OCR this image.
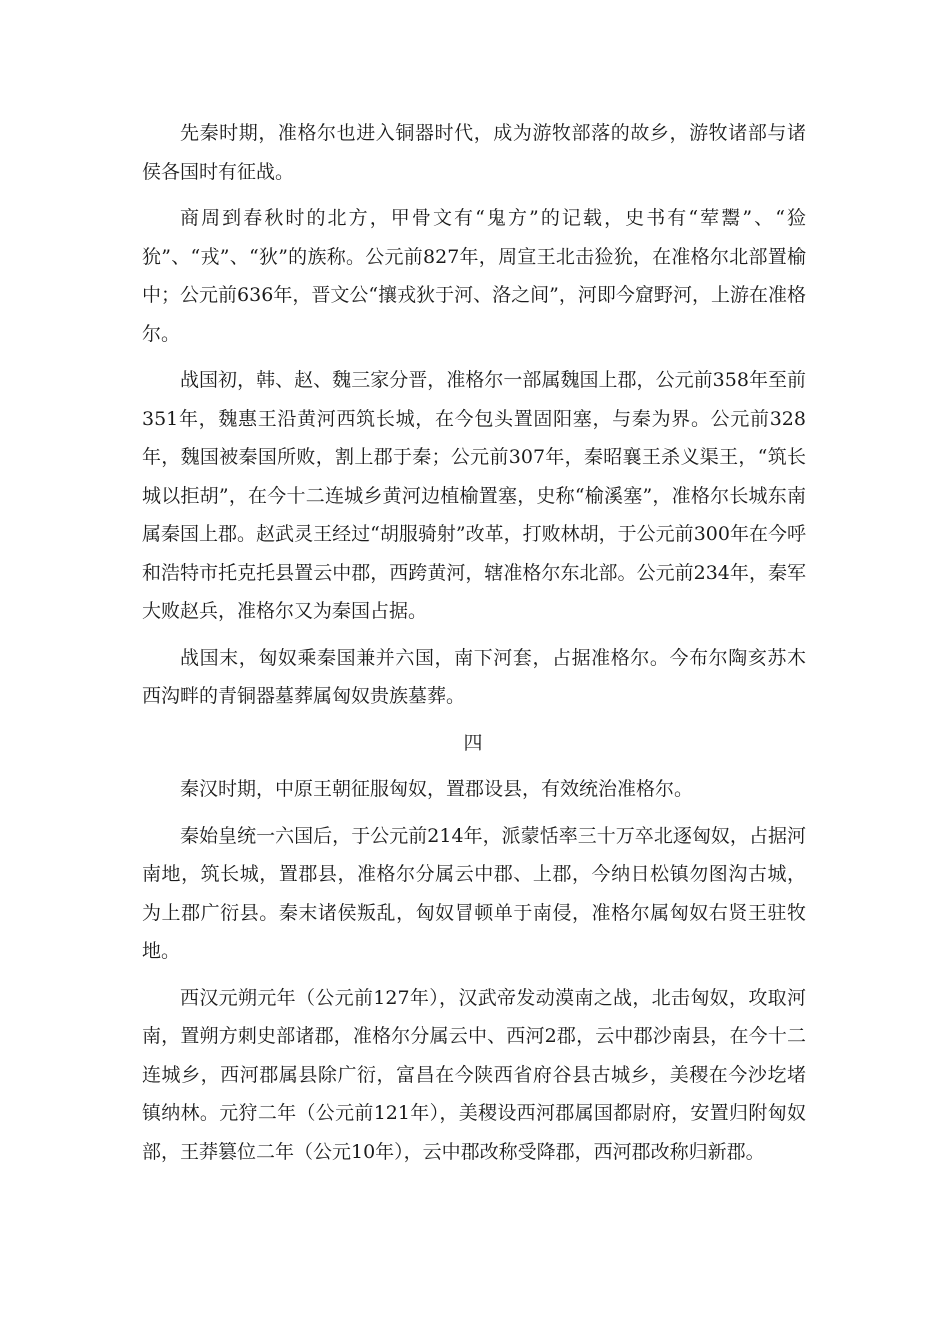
先秦时期，准格尔也进入铜器时代，成为游牧部落的故乡，游牧诸部与诸侯各国时有征战。

商周到春秋时的北方，甲骨文有“鬼方”的记载，史书有“荤鬻”、“猃狁”、“戎”、“狄”的族称。公元前827年，周宣王北击猃狁，在准格尔北部置榆中；公元前636年，晋文公“攘戎狄于河、洛之间”，河即今窟野河，上游在准格尔。

战国初，韩、赵、魏三家分晋，准格尔一部属魏国上郡，公元前358年至前351年，魏惠王沿黄河西筑长城，在今包头置固阳塞，与秦为界。公元前328年，魏国被秦国所败，割上郡于秦；公元前307年，秦昭襄王杀义渠王，“筑长城以拒胡”，在今十二连城乡黄河边植榆置塞，史称“榆溪塞”，准格尔长城东南属秦国上郡。赵武灵王经过“胡服骑射”改革，打败林胡，于公元前300年在今呼和浩特市托克托县置云中郡，西跨黄河，辖准格尔东北部。公元前234年，秦军大败赵兵，准格尔又为秦国占据。

战国末，匈奴乘秦国兼并六国，南下河套，占据准格尔。今布尔陶亥苏木西沟畔的青铜器墓葬属匈奴贵族墓葬。

四

秦汉时期，中原王朝征服匈奴，置郡设县，有效统治准格尔。

秦始皇统一六国后，于公元前214年，派蒙恬率三十万卒北逐匈奴，占据河南地，筑长城，置郡县，准格尔分属云中郡、上郡，今纳日松镇勿图沟古城，为上郡广衍县。秦末诸侯叛乱，匈奴冒顿单于南侵，准格尔属匈奴右贤王驻牧地。

西汉元朔元年（公元前127年），汉武帝发动漠南之战，北击匈奴，攻取河南，置朔方刺史部诸郡，准格尔分属云中、西河2郡，云中郡沙南县，在今十二连城乡，西河郡属县除广衍，富昌在今陕西省府谷县古城乡，美稷在今沙圪堵镇纳林。元狩二年（公元前121年），美稷设西河郡属国都尉府，安置归附匈奴部，王莽篡位二年（公元10年），云中郡改称受降郡，西河郡改称归新郡。
